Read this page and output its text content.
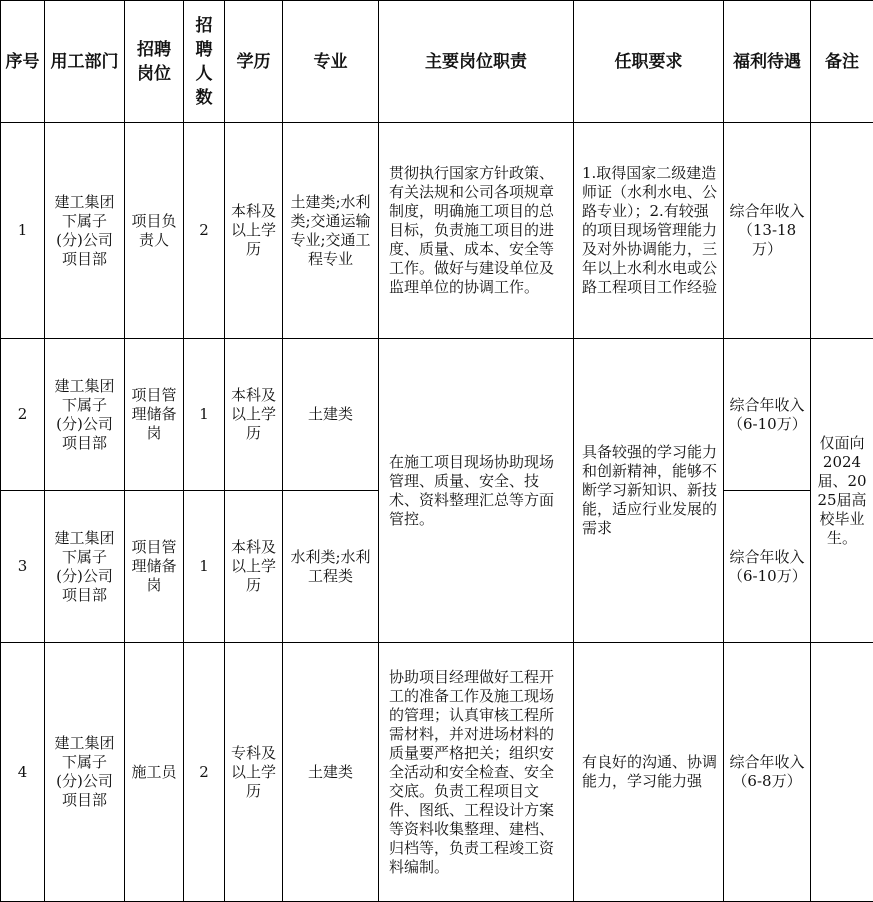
序号	用工部门	招聘岗位	招聘人数	学历	专业	主要岗位职责	任职要求	福利待遇	备注
1	建工集团下属子(分)公司项目部	项目负责人	2	本科及以上学历	土建类;水利类;交通运输专业;交通工程专业	贯彻执行国家方针政策、有关法规和公司各项规章制度，明确施工项目的总目标，负责施工项目的进度、质量、成本、安全等工作。做好与建设单位及监理单位的协调工作。	1.取得国家二级建造师证（水利水电、公路专业）；2.有较强的项目现场管理能力及对外协调能力，三年以上水利水电或公路工程项目工作经验	综合年收入（13-18万）	
2	建工集团下属子(分)公司项目部	项目管理储备岗	1	本科及以上学历	土建类	在施工项目现场协助现场管理、质量、安全、技术、资料整理汇总等方面管控。	具备较强的学习能力和创新精神，能够不断学习新知识、新技能，适应行业发展的需求	综合年收入（6-10万）	仅面向2024届、2025届高校毕业生。
3	建工集团下属子(分)公司项目部	项目管理储备岗	1	本科及以上学历	水利类;水利工程类			综合年收入（6-10万）	
4	建工集团下属子(分)公司项目部	施工员	2	专科及以上学历	土建类	协助项目经理做好工程开工的准备工作及施工现场的管理；认真审核工程所需材料，并对进场材料的质量要严格把关；组织安全活动和安全检查、安全交底。负责工程项目文件、图纸、工程设计方案等资料收集整理、建档、归档等，负责工程竣工资料编制。	有良好的沟通、协调能力，学习能力强	综合年收入（6-8万）	
